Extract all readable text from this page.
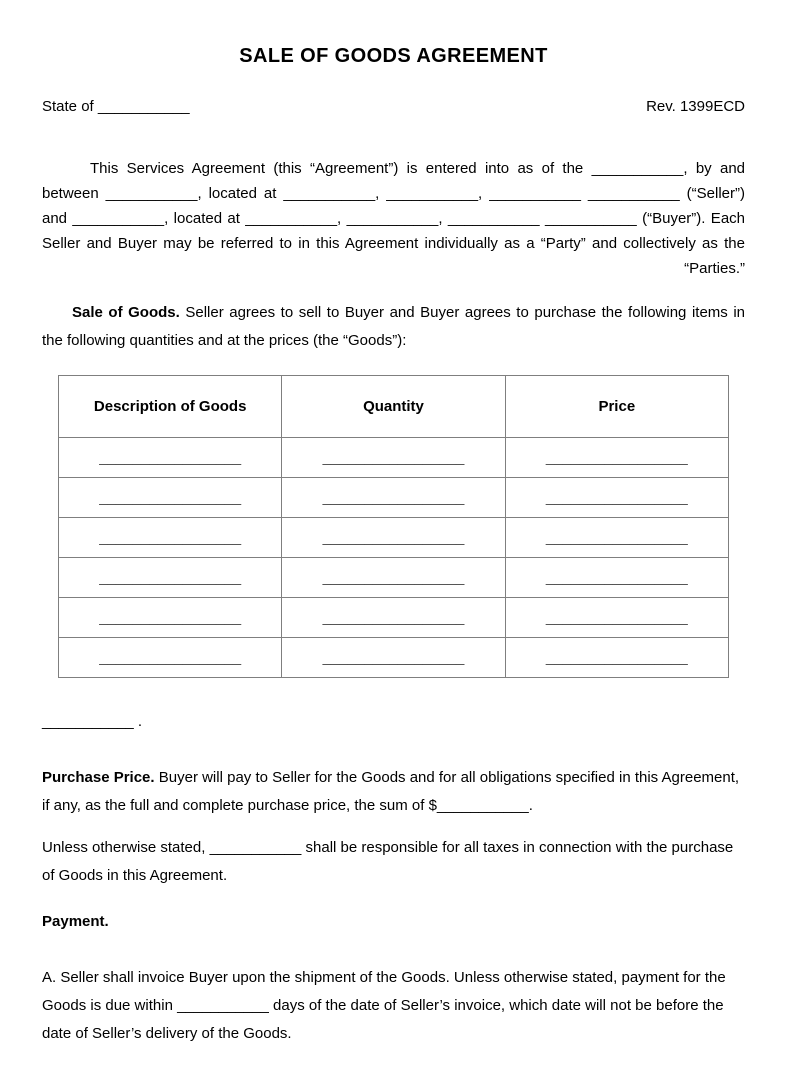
SALE OF GOODS AGREEMENT
State of ___________	Rev. 1399ECD

This Services Agreement (this “Agreement”) is entered into as of the ___________, by and between ___________, located at ___________, ___________, ___________ ___________ (“Seller”) and ___________, located at ___________, ___________, ___________ ___________ (“Buyer”). Each Seller and Buyer may be referred to in this Agreement individually as a “Party” and collectively as the “Parties.”

Sale of Goods. Seller agrees to sell to Buyer and Buyer agrees to purchase the following items in the following quantities and at the prices (the “Goods”):

Description of Goods	Quantity	Price
_________________	_________________	_________________
_________________	_________________	_________________
_________________	_________________	_________________
_________________	_________________	_________________
_________________	_________________	_________________
_________________	_________________	_________________

___________ .

Purchase Price. Buyer will pay to Seller for the Goods and for all obligations specified in this Agreement, if any, as the full and complete purchase price, the sum of $___________.

Unless otherwise stated, ___________ shall be responsible for all taxes in connection with the purchase of Goods in this Agreement.

Payment.

A. Seller shall invoice Buyer upon the shipment of the Goods. Unless otherwise stated, payment for the Goods is due within ___________ days of the date of Seller’s invoice, which date will not be before the date of Seller’s delivery of the Goods.
